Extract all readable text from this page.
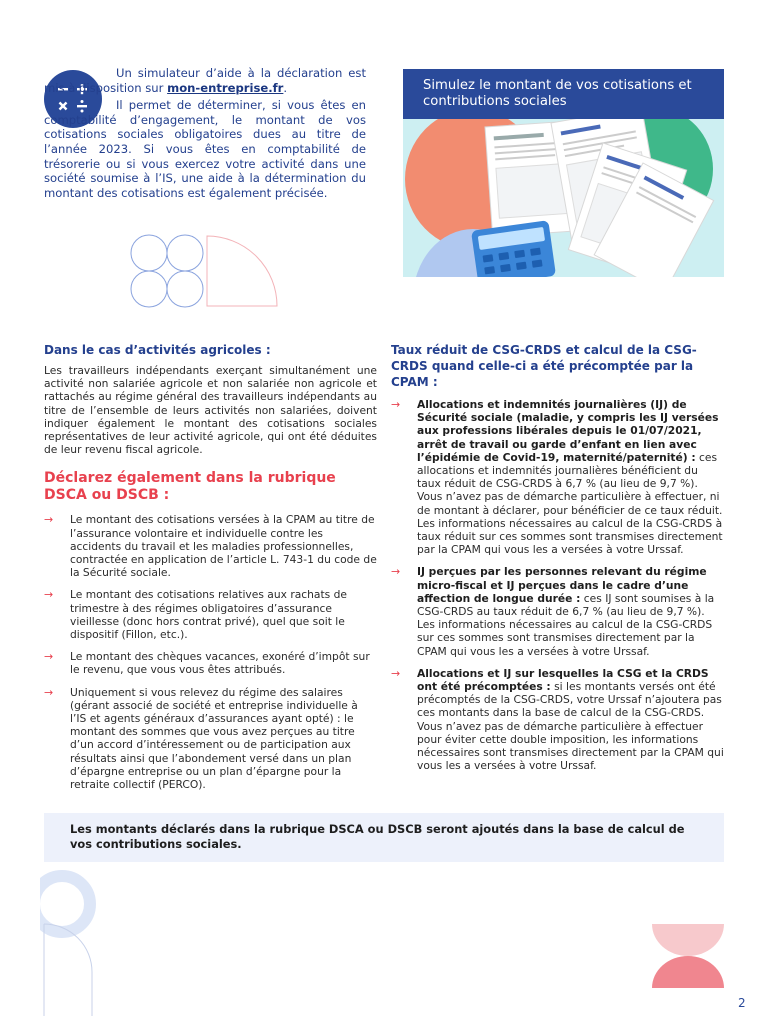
Un simulateur d’aide à la déclaration est mis à disposition sur mon-entreprise.fr.

Il permet de déterminer, si vous êtes en comptabilité d’engagement, le montant de vos cotisations sociales obligatoires dues au titre de l’année 2023. Si vous êtes en comptabilité de trésorerie ou si vous exercez votre activité dans une société soumise à l’IS, une aide à la détermination du montant des cotisations est également précisée.

Simulez le montant de vos cotisations et contributions sociales
Dans le cas d’activités agricoles :
Les travailleurs indépendants exerçant simultanément une activité non salariée agricole et non salariée non agricole et rattachés au régime général des travailleurs indépendants au titre de l’ensemble de leurs activités non salariées, doivent indiquer également le montant des cotisations sociales représentatives de leur activité agricole, qui ont été déduites de leur revenu fiscal agricole.
Déclarez également dans la rubrique DSCA ou DSCB :
→ Le montant des cotisations versées à la CPAM au titre de l’assurance volontaire et individuelle contre les accidents du travail et les maladies professionnelles, contractée en application de l’article L. 743-1 du code de la Sécurité sociale.
→ Le montant des cotisations relatives aux rachats de trimestre à des régimes obligatoires d’assurance vieillesse (donc hors contrat privé), quel que soit le dispositif (Fillon, etc.).
→ Le montant des chèques vacances, exonéré d’impôt sur le revenu, que vous vous êtes attribués.
→ Uniquement si vous relevez du régime des salaires (gérant associé de société et entreprise individuelle à l’IS et agents généraux d’assurances ayant opté) : le montant des sommes que vous avez perçues au titre d’un accord d’intéressement ou de participation aux résultats ainsi que l’abondement versé dans un plan d’épargne entreprise ou un plan d’épargne pour la retraite collectif (PERCO).
Taux réduit de CSG-CRDS et calcul de la CSG-CRDS quand celle-ci a été précomptée par la CPAM :
→ Allocations et indemnités journalières (IJ) de Sécurité sociale (maladie, y compris les IJ versées aux professions libérales depuis le 01/07/2021, arrêt de travail ou garde d’enfant en lien avec l’épidémie de Covid-19, maternité/paternité) : ces allocations et indemnités journalières bénéficient du taux réduit de CSG-CRDS à 6,7 % (au lieu de 9,7 %).
Vous n’avez pas de démarche particulière à effectuer, ni de montant à déclarer, pour bénéficier de ce taux réduit. Les informations nécessaires au calcul de la CSG-CRDS à taux réduit sur ces sommes sont transmises directement par la CPAM qui vous les a versées à votre Urssaf.
→ IJ perçues par les personnes relevant du régime micro-fiscal et IJ perçues dans le cadre d’une affection de longue durée : ces IJ sont soumises à la CSG-CRDS au taux réduit de 6,7 % (au lieu de 9,7 %).
Les informations nécessaires au calcul de la CSG-CRDS sur ces sommes sont transmises directement par la CPAM qui vous les a versées à votre Urssaf.
→ Allocations et IJ sur lesquelles la CSG et la CRDS ont été précomptées : si les montants versés ont été précomptés de la CSG-CRDS, votre Urssaf n’ajoutera pas ces montants dans la base de calcul de la CSG-CRDS.
Vous n’avez pas de démarche particulière à effectuer pour éviter cette double imposition, les informations nécessaires sont transmises directement par la CPAM qui vous les a versées à votre Urssaf.
Les montants déclarés dans la rubrique DSCA ou DSCB seront ajoutés dans la base de calcul de vos contributions sociales.
2
